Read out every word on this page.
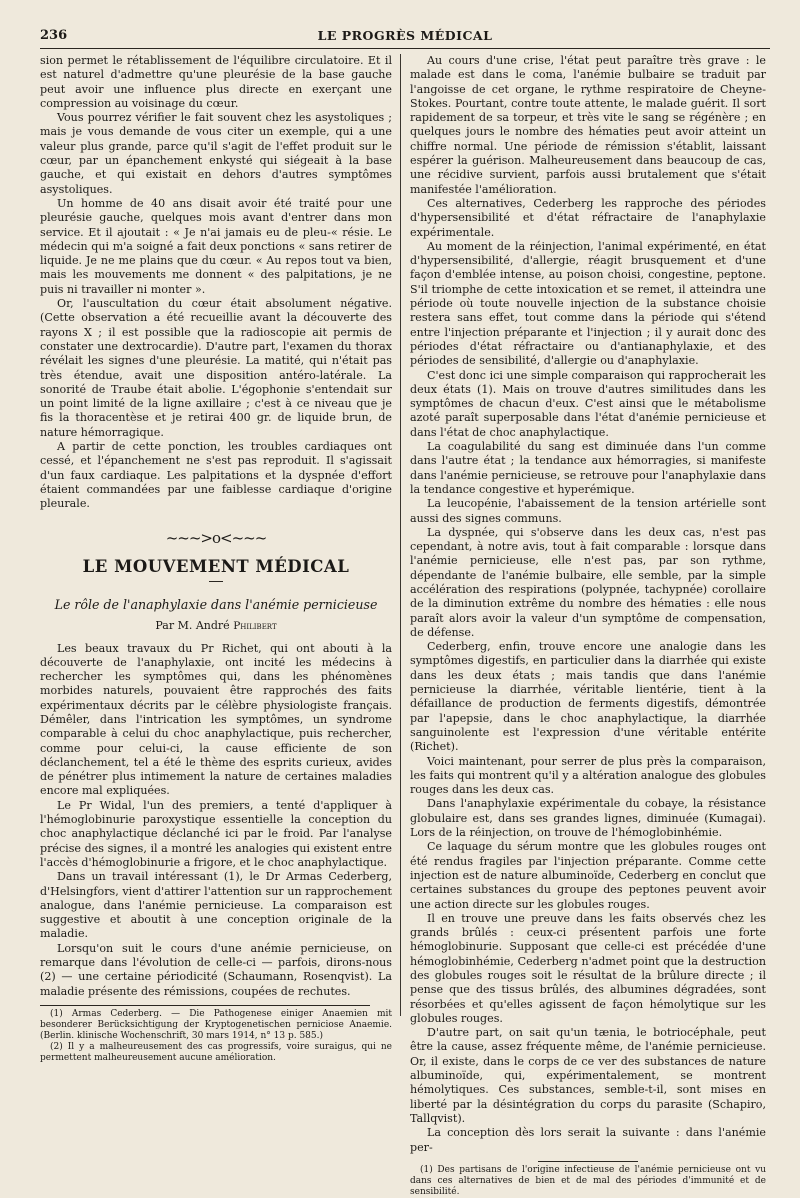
236	LE PROGRÈS MÉDICAL

sion permet le rétablissement de l'équilibre circulatoire. Et il est naturel d'admettre qu'une pleurésie de la base gauche peut avoir une influence plus directe en exerçant une compression au voisinage du cœur.

Vous pourrez vérifier le fait souvent chez les asystoliques ; mais je vous demande de vous citer un exemple, qui a une valeur plus grande, parce qu'il s'agit de l'effet produit sur le cœur, par un épanchement enkysté qui siégeait à la base gauche, et qui existait en dehors d'autres symptômes asystoliques.

Un homme de 40 ans disait avoir été traité pour une pleurésie gauche, quelques mois avant d'entrer dans mon service. Et il ajoutait : « Je n'ai jamais eu de pleu-« résie. Le médecin qui m'a soigné a fait deux ponctions « sans retirer de liquide. Je ne me plains que du cœur. « Au repos tout va bien, mais les mouvements me donnent « des palpitations, je ne puis ni travailler ni monter ».

Or, l'auscultation du cœur était absolument négative. (Cette observation a été recueillie avant la découverte des rayons X ; il est possible que la radioscopie ait permis de constater une dextrocardie). D'autre part, l'examen du thorax révélait les signes d'une pleurésie. La matité, qui n'était pas très étendue, avait une disposition antéro-latérale. La sonorité de Traube était abolie. L'égophonie s'entendait sur un point limité de la ligne axillaire ; c'est à ce niveau que je fis la thoracentèse et je retirai 400 gr. de liquide brun, de nature hémorragique.

A partir de cette ponction, les troubles cardiaques ont cessé, et l'épanchement ne s'est pas reproduit. Il s'agissait d'un faux cardiaque. Les palpitations et la dyspnée d'effort étaient commandées par une faiblesse cardiaque d'origine pleurale.

~~~>o<~~~
LE MOUVEMENT MÉDICAL
Le rôle de l'anaphylaxie dans l'anémie pernicieuse
Par M. André Philibert

Les beaux travaux du Pr Richet, qui ont abouti à la découverte de l'anaphylaxie, ont incité les médecins à rechercher les symptômes qui, dans les phénomènes morbides naturels, pouvaient être rapprochés des faits expérimentaux décrits par le célèbre physiologiste français. Démêler, dans l'intrication les symptômes, un syndrome comparable à celui du choc anaphylactique, puis rechercher, comme pour celui-ci, la cause efficiente de son déclanchement, tel a été le thème des esprits curieux, avides de pénétrer plus intimement la nature de certaines maladies encore mal expliquées.

Le Pr Widal, l'un des premiers, a tenté d'appliquer à l'hémoglobinurie paroxystique essentielle la conception du choc anaphylactique déclanché ici par le froid. Par l'analyse précise des signes, il a montré les analogies qui existent entre l'accès d'hémoglobinurie a frigore, et le choc anaphylactique.

Dans un travail intéressant (1), le Dr Armas Cederberg, d'Helsingfors, vient d'attirer l'attention sur un rapprochement analogue, dans l'anémie pernicieuse. La comparaison est suggestive et aboutit à une conception originale de la maladie.

Lorsqu'on suit le cours d'une anémie pernicieuse, on remarque dans l'évolution de celle-ci — parfois, dirons-nous (2) — une certaine périodicité (Schaumann, Rosenqvist). La maladie présente des rémissions, coupées de rechutes.

(1) Armas Cederberg. — Die Pathogenese einiger Anaemien mit besonderer Berücksichtigung der Kryptogenetischen perniciose Anaemie. (Berlin. klinische Wochenschrift, 30 mars 1914, n° 13 p. 585.)

(2) Il y a malheureusement des cas progressifs, voire suraigus, qui ne permettent malheureusement aucune amélioration.

Au cours d'une crise, l'état peut paraître très grave : le malade est dans le coma, l'anémie bulbaire se traduit par l'angoisse de cet organe, le rythme respiratoire de Cheyne-Stokes. Pourtant, contre toute attente, le malade guérit. Il sort rapidement de sa torpeur, et très vite le sang se régénère ; en quelques jours le nombre des hématies peut avoir atteint un chiffre normal. Une période de rémission s'établit, laissant espérer la guérison. Malheureusement dans beaucoup de cas, une récidive survient, parfois aussi brutalement que s'était manifestée l'amélioration.

Ces alternatives, Cederberg les rapproche des périodes d'hypersensibilité et d'état réfractaire de l'anaphylaxie expérimentale.

Au moment de la réinjection, l'animal expérimenté, en état d'hypersensibilité, d'allergie, réagit brusquement et d'une façon d'emblée intense, au poison choisi, congestine, peptone. S'il triomphe de cette intoxication et se remet, il atteindra une période où toute nouvelle injection de la substance choisie restera sans effet, tout comme dans la période qui s'étend entre l'injection préparante et l'injection ; il y aurait donc des périodes d'état réfractaire ou d'antianaphylaxie, et des périodes de sensibilité, d'allergie ou d'anaphylaxie.

C'est donc ici une simple comparaison qui rapprocherait les deux états (1). Mais on trouve d'autres similitudes dans les symptômes de chacun d'eux. C'est ainsi que le métabolisme azoté paraît superposable dans l'état d'anémie pernicieuse et dans l'état de choc anaphylactique.

La coagulabilité du sang est diminuée dans l'un comme dans l'autre état ; la tendance aux hémorragies, si manifeste dans l'anémie pernicieuse, se retrouve pour l'anaphylaxie dans la tendance congestive et hyperémique.

La leucopénie, l'abaissement de la tension artérielle sont aussi des signes communs.

La dyspnée, qui s'observe dans les deux cas, n'est pas cependant, à notre avis, tout à fait comparable : lorsque dans l'anémie pernicieuse, elle n'est pas, par son rythme, dépendante de l'anémie bulbaire, elle semble, par la simple accélération des respirations (polypnée, tachypnée) corollaire de la diminution extrême du nombre des hématies : elle nous paraît alors avoir la valeur d'un symptôme de compensation, de défense.

Cederberg, enfin, trouve encore une analogie dans les symptômes digestifs, en particulier dans la diarrhée qui existe dans les deux états ; mais tandis que dans l'anémie pernicieuse la diarrhée, véritable lientérie, tient à la défaillance de production de ferments digestifs, démontrée par l'apepsie, dans le choc anaphylactique, la diarrhée sanguinolente est l'expression d'une véritable entérite (Richet).

Voici maintenant, pour serrer de plus près la comparaison, les faits qui montrent qu'il y a altération analogue des globules rouges dans les deux cas.

Dans l'anaphylaxie expérimentale du cobaye, la résistance globulaire est, dans ses grandes lignes, diminuée (Kumagai). Lors de la réinjection, on trouve de l'hémoglobinhémie.

Ce laquage du sérum montre que les globules rouges ont été rendus fragiles par l'injection préparante. Comme cette injection est de nature albuminoïde, Cederberg en conclut que certaines substances du groupe des peptones peuvent avoir une action directe sur les globules rouges.

Il en trouve une preuve dans les faits observés chez les grands brûlés : ceux-ci présentent parfois une forte hémoglobinurie. Supposant que celle-ci est précédée d'une hémoglobinhémie, Cederberg n'admet point que la destruction des globules rouges soit le résultat de la brûlure directe ; il pense que des tissus brûlés, des albumines dégradées, sont résorbées et qu'elles agissent de façon hémolytique sur les globules rouges.

D'autre part, on sait qu'un tænia, le botriocéphale, peut être la cause, assez fréquente même, de l'anémie pernicieuse. Or, il existe, dans le corps de ce ver des substances de nature albuminoïde, qui, expérimentalement, se montrent hémolytiques. Ces substances, semble-t-il, sont mises en liberté par la désintégration du corps du parasite (Schapiro, Tallqvist).

La conception dès lors serait la suivante : dans l'anémie per-

(1) Des partisans de l'origine infectieuse de l'anémie pernicieuse ont vu dans ces alternatives de bien et de mal des périodes d'immunité et de sensibilité.
